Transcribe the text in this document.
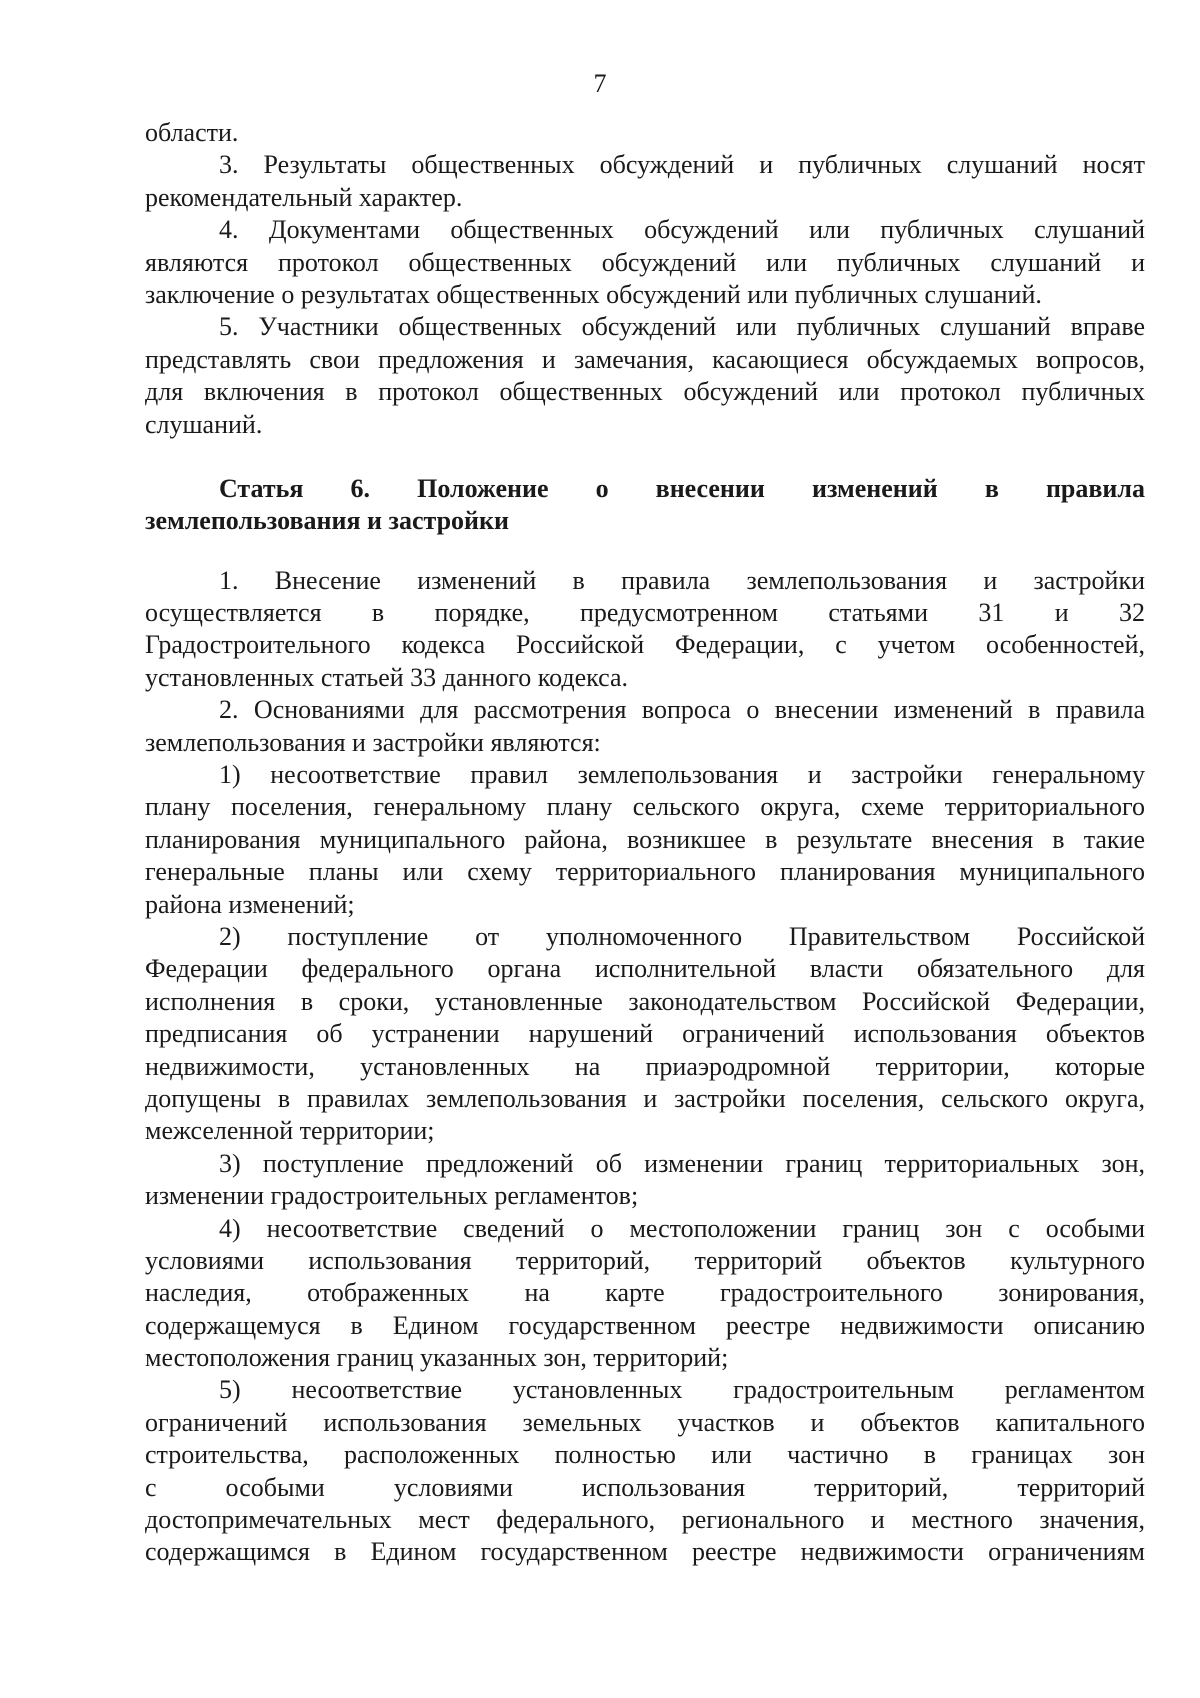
7
области.
3. Результаты общественных обсуждений и публичных слушаний носят
рекомендательный характер.
4. Документами общественных обсуждений или публичных слушаний
являются протокол общественных обсуждений или публичных слушаний и
заключение о результатах общественных обсуждений или публичных слушаний.
5. Участники общественных обсуждений или публичных слушаний вправе
представлять свои предложения и замечания, касающиеся обсуждаемых вопросов,
для включения в протокол общественных обсуждений или протокол публичных
слушаний.
Статья 6. Положение о внесении изменений в правила
землепользования и застройки
1. Внесение изменений в правила землепользования и застройки
осуществляется в порядке, предусмотренном статьями 31 и 32
Градостроительного кодекса Российской Федерации, с учетом особенностей,
установленных статьей 33 данного кодекса.
2. Основаниями для рассмотрения вопроса о внесении изменений в правила
землепользования и застройки являются:
1) несоответствие правил землепользования и застройки генеральному
плану поселения, генеральному плану сельского округа, схеме территориального
планирования муниципального района, возникшее в результате внесения в такие
генеральные планы или схему территориального планирования муниципального
района изменений;
2) поступление от уполномоченного Правительством Российской
Федерации федерального органа исполнительной власти обязательного для
исполнения в сроки, установленные законодательством Российской Федерации,
предписания об устранении нарушений ограничений использования объектов
недвижимости, установленных на приаэродромной территории, которые
допущены в правилах землепользования и застройки поселения, сельского округа,
межселенной территории;
3) поступление предложений об изменении границ территориальных зон,
изменении градостроительных регламентов;
4) несоответствие сведений о местоположении границ зон с особыми
условиями использования территорий, территорий объектов культурного
наследия, отображенных на карте градостроительного зонирования,
содержащемуся в Едином государственном реестре недвижимости описанию
местоположения границ указанных зон, территорий;
5) несоответствие установленных градостроительным регламентом
ограничений использования земельных участков и объектов капитального
строительства, расположенных полностью или частично в границах зон
с особыми условиями использования территорий, территорий
достопримечательных мест федерального, регионального и местного значения,
содержащимся в Едином государственном реестре недвижимости ограничениям
